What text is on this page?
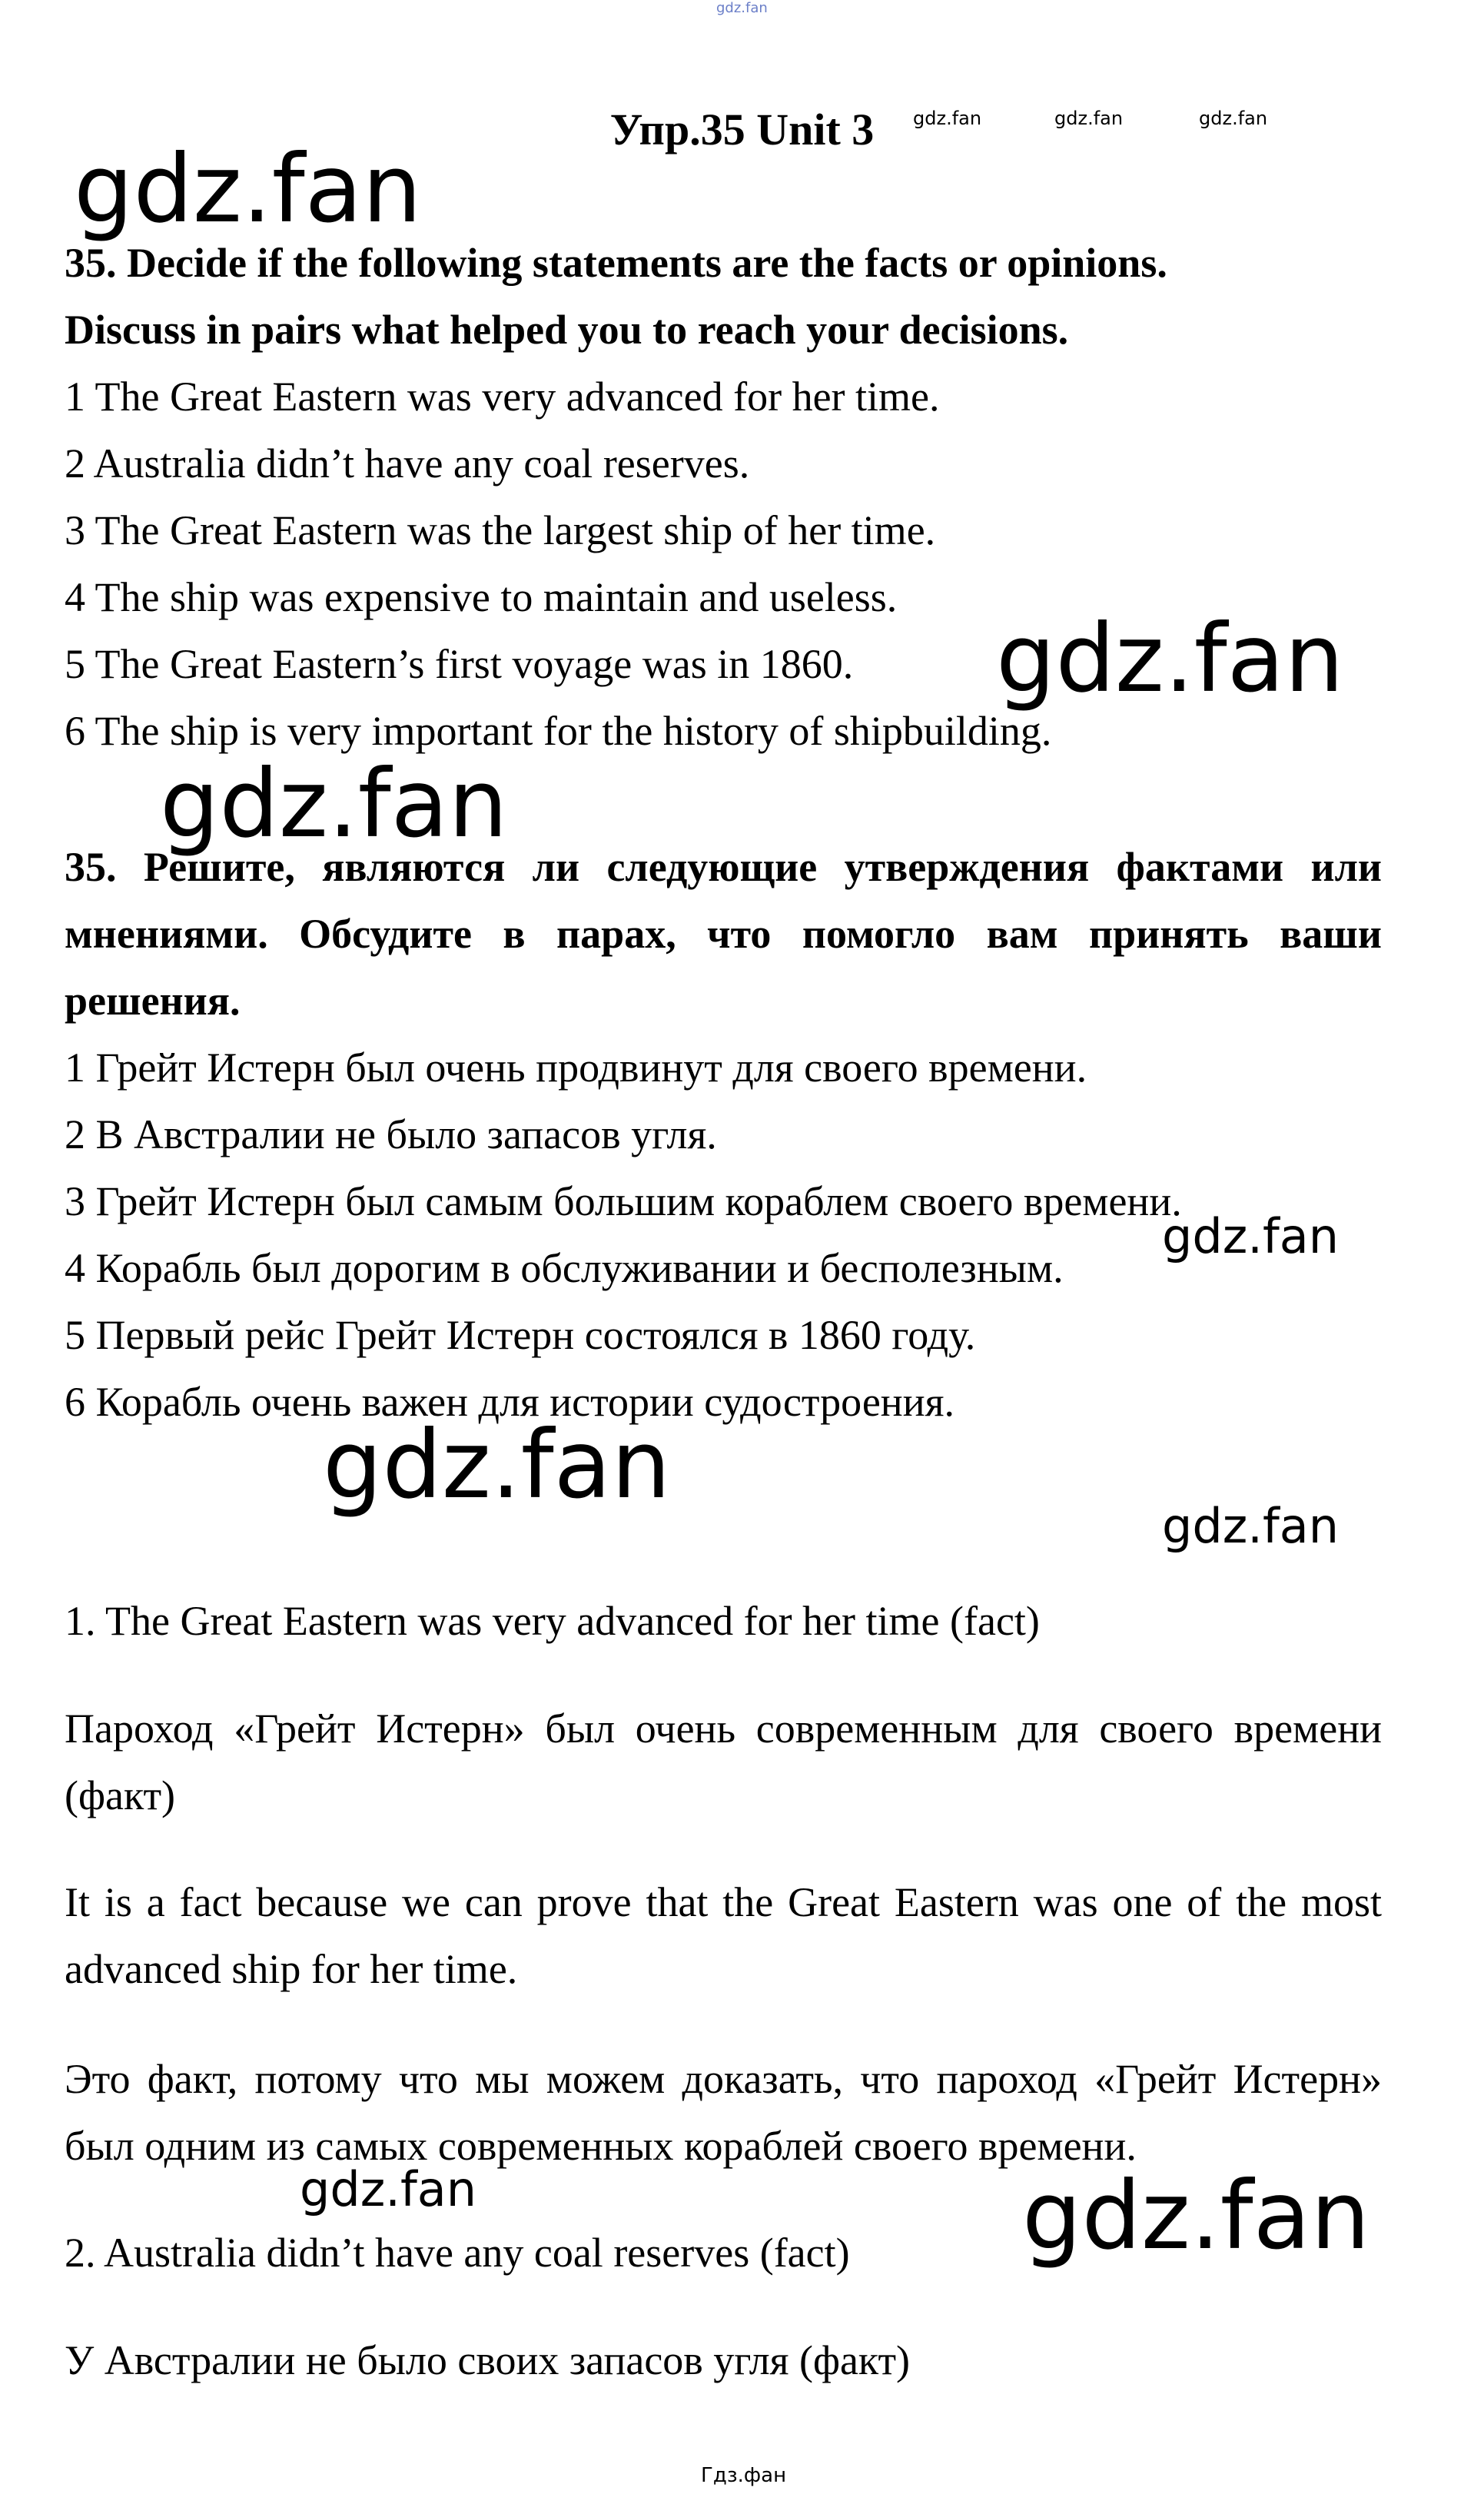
gdz.fan
gdz.fan	gdz.fan	gdz.fan
gdz.fan
gdz.fan
gdz.fan
gdz.fan
gdz.fan
gdz.fan
gdz.fan	gdz.fan
Гдз.фан
Упр.35 Unit 3
35. Decide if the following statements are the facts or opinions.
Discuss in pairs what helped you to reach your decisions.
1 The Great Eastern was very advanced for her time.
2 Australia didn’t have any coal reserves.
3 The Great Eastern was the largest ship of her time.
4 The ship was expensive to maintain and useless.
5 The Great Eastern’s first voyage was in 1860.
6 The ship is very important for the history of shipbuilding.
35. Решите, являются ли следующие утверждения фактами или мнениями. Обсудите в парах, что помогло вам принять ваши решения.
1 Грейт Истерн был очень продвинут для своего времени.
2 В Австралии не было запасов угля.
3 Грейт Истерн был самым большим кораблем своего времени.
4 Корабль был дорогим в обслуживании и бесполезным.
5 Первый рейс Грейт Истерн состоялся в 1860 году.
6 Корабль очень важен для истории судостроения.
1. The Great Eastern was very advanced for her time (fact)
Пароход «Грейт Истерн» был очень современным для своего времени (факт)
It is a fact because we can prove that the Great Eastern was one of the most advanced ship for her time.
Это факт, потому что мы можем доказать, что пароход «Грейт Истерн» был одним из самых современных кораблей своего времени.
2. Australia didn’t have any coal reserves (fact)
У Австралии не было своих запасов угля (факт)
